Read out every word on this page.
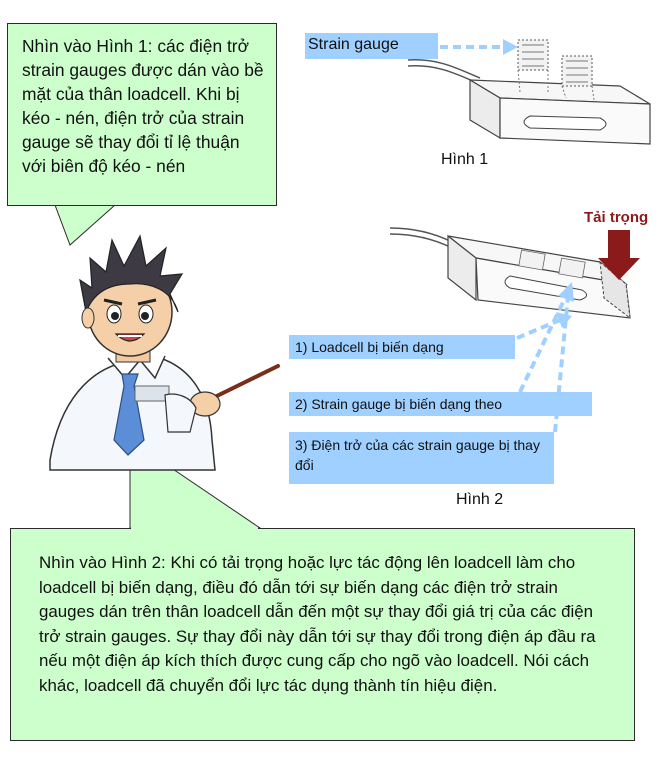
Nhìn vào Hình 1: các điện trở strain gauges được dán vào bề mặt của thân loadcell. Khi bị kéo - nén, điện trở của strain gauge sẽ thay đổi tỉ lệ thuận với biên độ kéo - nén
Nhìn vào Hình 2: Khi có tải trọng hoặc lực tác động lên loadcell làm cho loadcell bị biến dạng, điều đó dẫn tới sự biến dạng các điện trở strain gauges dán trên thân loadcell dẫn đến một sự thay đổi giá trị của các điện trở strain gauges. Sự thay đổi này dẫn tới sự thay đổi trong điện áp đầu ra nếu một điện áp kích thích được cung cấp cho ngõ vào loadcell. Nói cách khác, loadcell đã chuyển đổi lực tác dụng thành tín hiệu điện.
Strain gauge
Hình 1
Tải trọng
1) Loadcell bị biến dạng
2) Strain gauge bị biến dạng theo
3) Điện trở của các strain gauge bị thay đổi
Hình 2
